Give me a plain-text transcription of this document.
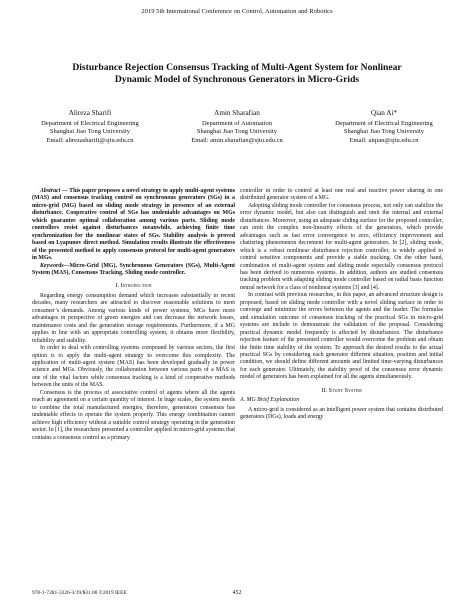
2019 5th International Conference on Control, Automation and Robotics
Disturbance Rejection Consensus Tracking of Multi-Agent System for Nonlinear
Dynamic Model of Synchronous Generators in Micro-Grids
Alireza Sharifi
Department of Electrical Engineering
Shanghai Jiao Tong University
Email: alirezasharifi@sjtu.edu.cn
Amin Sharafian
Department of Automation
Shanghai Jiao Tong University
Email: amin.sharafian@sjtu.edu.cn
Qian Ai*
Department of Electrical Engineering
Shanghai Jiao Tong University
Email: aiqian@sjtu.edu.cn

Abstract — This paper proposes a novel strategy to apply multi-agent systems (MAS) and consensus tracking control on synchronous generators (SGs) in a micro-grid (MG) based on sliding mode strategy in presence of an external disturbance. Cooperative control of SGs has undeniable advantages on MGs which guarantee optimal collaboration among various parts. Sliding mode controllers resist against disturbances meanwhile, achieving finite time synchronization for the nonlinear states of SGs. Stability analysis is proved based on Lyapunov direct method. Simulation results illustrate the effectiveness of the presented method to apply consensus protocol for multi-agent generators in MGs.

Keywords—Micro-Grid (MG), Synchronous Generators (SGs), Multi-Agent System (MAS), Consensus Tracking, Sliding mode controller.

I. Introduction

Regarding energy consumption demand which increases substantially in recent decades, many researchers are attracted to discover reasonable solutions to meet consumer’s demands. Among various kinds of power systems, MGs have more advantages in perspective of green energies and can decrease the network losses, maintenance costs and the generation storage requirements. Furthermore, if a MG applies in line with an appropriate controlling system, it obtains more flexibility, reliability and stability.

In order to deal with controlling systems compound by various sectors, the first option is to apply the multi-agent strategy to overcome this complexity. The application of multi-agent system (MAS) has been developed gradually in power science and MGs. Obviously, the collaboration between various parts of a MAS is one of the vital factors while consensus tracking is a kind of cooperative methods between the units of the MAS.

Consensus is the process of associative control of agents where all the agents reach an agreement on a certain quantity of interest. In huge scales, the system needs to combine the total manufactured energies, therefore, generators consensus has undeniable effects to operate the system properly. This energy combination cannot achieve high efficiency without a suitable control strategy operating in the generation sector. In [1], the researchers presented a controller applied in micro-grid systems that contains a consensus control as a primary

controller in order to control at least one real and reactive power sharing in one distributed generator system of a MG.

Adopting sliding mode controller for consensus process, not only can stabilize the error dynamic model, but also can distinguish and omit the internal and external disturbances. Moreover, using an adequate sliding surface for the proposed controller, can omit the complex non-linearity effects of the generators, which provide advantages such as fast error convergence to zero, efficiency improvement and chattering phenomenon decrement for multi-agent generators. In [2], sliding mode, which is a robust nonlinear disturbance rejection controller, is widely applied to control sensitive components and provide a stable tracking. On the other hand, combination of multi-agent system and sliding mode especially consensus protocol has been derived to numerous systems. In addition, authors are studied consensus tracking problem with adapting sliding mode controller based on radial basis function neural network for a class of nonlinear systems [3] and [4].

In contrast with previous researches, in this paper, an advanced structure design is proposed, based on sliding mode controller with a novel sliding surface in order to converge and minimize the errors between the agents and the leader. The formulas and simulation outcome of consensus tracking of the practical SGs in micro-grid systems are include to demonstrate the validation of the proposal. Considering practical dynamic model frequently is affected by disturbances. The disturbance rejection feature of the presented controller would overcome the problem and obtain the finite time stability of the system. To approach the desired results to the actual practical SGs by considering each generator different situation, position and initial condition, we should define different amounts and limited time-varying disturbances for each generator. Ultimately, the stability proof of the consensus error dynamic model of generators has been explained for all the agents simultaneously.

II. Study System
A. MG Brief Explanation

A micro-grid is considered as an intelligent power system that contains distributed generators (DGs), loads and energy

978-1-7281-3326-3/19/$31.00 ©2019 IEEE	452
